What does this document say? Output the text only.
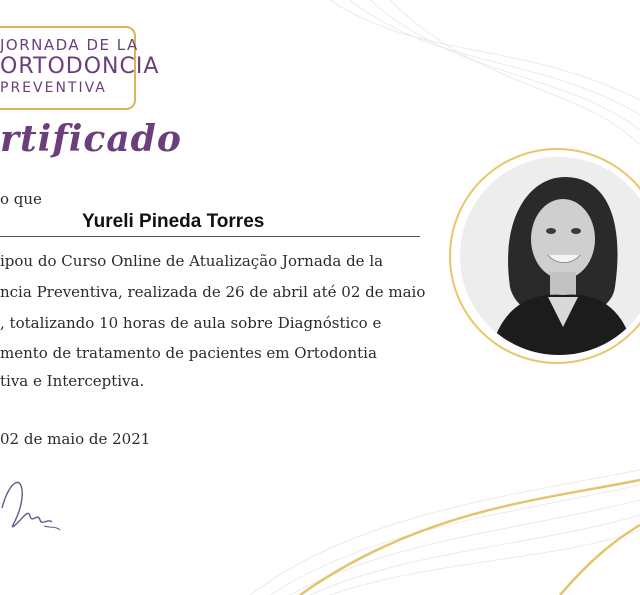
JORNADA DE LA
ORTODONCIA
PREVENTIVA
rtificado
o que
Yureli Pineda Torres
ipou do Curso Online de Atualização Jornada de la
ncia Preventiva, realizada de 26 de abril até 02 de maio
, totalizando 10 horas de aula sobre Diagnóstico e
mento de tratamento de pacientes em Ortodontia
tiva e Interceptiva.
02 de maio de 2021
